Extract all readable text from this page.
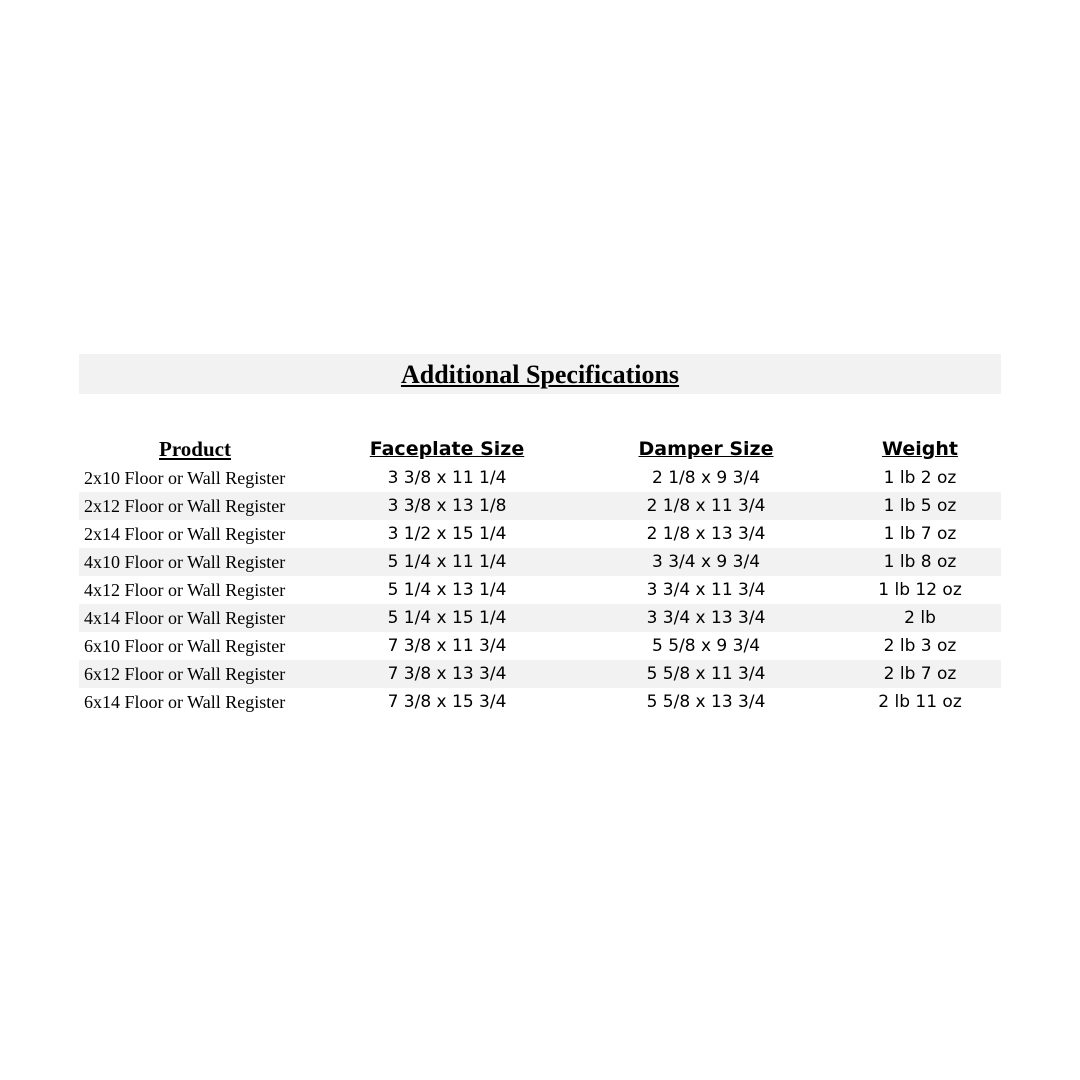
Additional Specifications
Product	Faceplate Size	Damper Size	Weight
2x10 Floor or Wall Register	3 3/8 x 11 1/4	2 1/8 x 9 3/4	1 lb 2 oz
2x12 Floor or Wall Register	3 3/8 x 13 1/8	2 1/8 x 11 3/4	1 lb 5 oz
2x14 Floor or Wall Register	3 1/2 x 15 1/4	2 1/8 x 13 3/4	1 lb 7 oz
4x10 Floor or Wall Register	5 1/4 x 11 1/4	3 3/4 x 9 3/4	1 lb 8 oz
4x12 Floor or Wall Register	5 1/4 x 13 1/4	3 3/4 x 11 3/4	1 lb 12 oz
4x14 Floor or Wall Register	5 1/4 x 15 1/4	3 3/4 x 13 3/4	2 lb
6x10 Floor or Wall Register	7 3/8 x 11 3/4	5 5/8 x 9 3/4	2 lb 3 oz
6x12 Floor or Wall Register	7 3/8 x 13 3/4	5 5/8 x 11 3/4	2 lb 7 oz
6x14 Floor or Wall Register	7 3/8 x 15 3/4	5 5/8 x 13 3/4	2 lb 11 oz
